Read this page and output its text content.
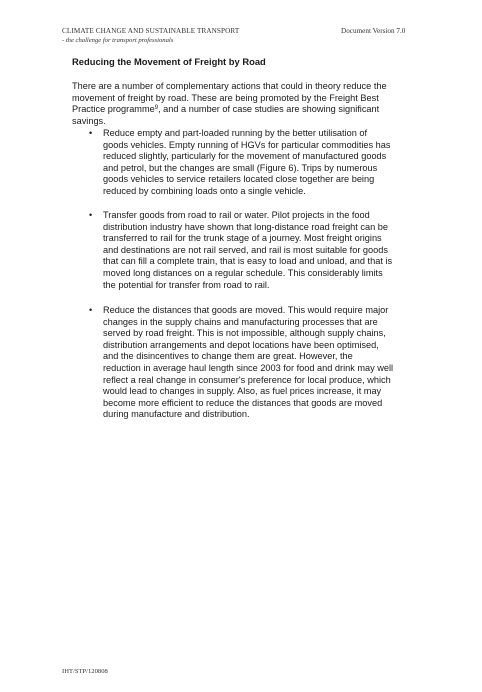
CLIMATE CHANGE AND SUSTAINABLE TRANSPORT
- the challenge for transport professionals
Document Version 7.0
Reducing the Movement of Freight by Road

There are a number of complementary actions that could in theory reduce the
movement of freight by road. These are being promoted by the Freight Best
Practice programme$^9$, and a number of case studies are showing significant
savings.

• Reduce empty and part-loaded running by the better utilisation of
goods vehicles. Empty running of HGVs for particular commodities has
reduced slightly, particularly for the movement of manufactured goods
and petrol, but the changes are small (Figure 6). Trips by numerous
goods vehicles to service retailers located close together are being
reduced by combining loads onto a single vehicle.
• Transfer goods from road to rail or water. Pilot projects in the food
distribution industry have shown that long-distance road freight can be
transferred to rail for the trunk stage of a journey. Most freight origins
and destinations are not rail served, and rail is most suitable for goods
that can fill a complete train, that is easy to load and unload, and that is
moved long distances on a regular schedule. This considerably limits
the potential for transfer from road to rail.
• Reduce the distances that goods are moved. This would require major
changes in the supply chains and manufacturing processes that are
served by road freight. This is not impossible, although supply chains,
distribution arrangements and depot locations have been optimised,
and the disincentives to change them are great. However, the
reduction in average haul length since 2003 for food and drink may well
reflect a real change in consumer's preference for local produce, which
would lead to changes in supply. Also, as fuel prices increase, it may
become more efficient to reduce the distances that goods are moved
during manufacture and distribution.
IHT/STP/120808
